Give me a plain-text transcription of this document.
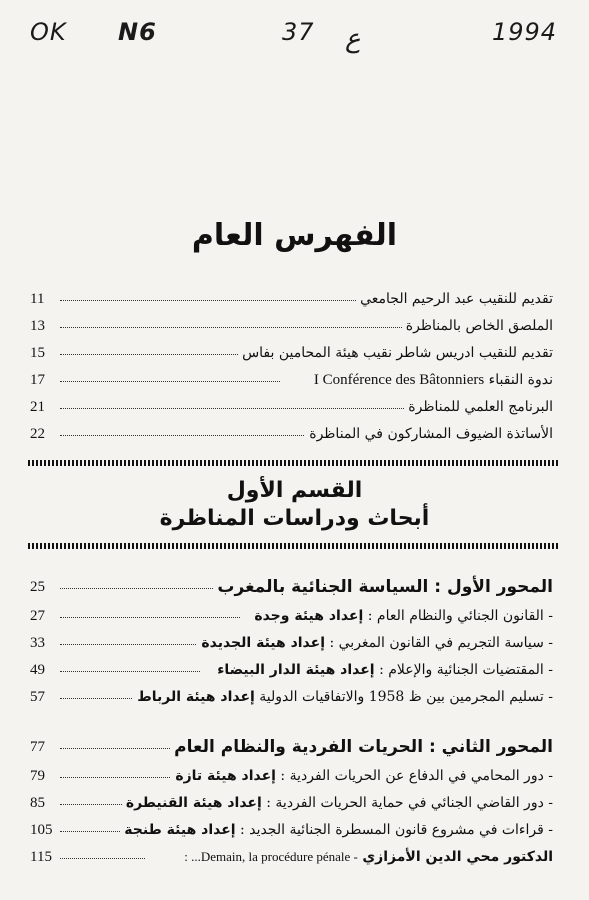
OK N6	37 ع	1994
الفهرس العام
11	تقديم للنقيب عبد الرحيم الجامعي
13	الملصق الخاص بالمناظرة
15	تقديم للنقيب ادريس شاطر نقيب هيئة المحامين بفاس
17	ندوة النقباء I Conférence des Bâtonniers
21	البرنامج العلمي للمناظرة
22	الأساتذة الضيوف المشاركون في المناظرة
القسم الأول
أبحاث ودراسات المناظرة
25	المحور الأول : السياسة الجنائية بالمغرب
27	- القانون الجنائي والنظام العام : إعداد هيئة وجدة
33	- سياسة التجريم في القانون المغربي : إعداد هيئة الجديدة
49	- المقتضيات الجنائية والإعلام : إعداد هيئة الدار البيضاء
57	- تسليم المجرمين بين ظ 1958 والاتفاقيات الدولية إعداد هيئة الرباط
77	المحور الثاني : الحريات الفردية والنظام العام
79	- دور المحامي في الدفاع عن الحريات الفردية : إعداد هيئة تازة
85	- دور القاضي الجنائي في حماية الحريات الفردية : إعداد هيئة القنيطرة
105	- قراءات في مشروع قانون المسطرة الجنائية الجديد : إعداد هيئة طنجة
115	الدكتور محي الدين الأمزازي - Demain, la procédure pénale... :
